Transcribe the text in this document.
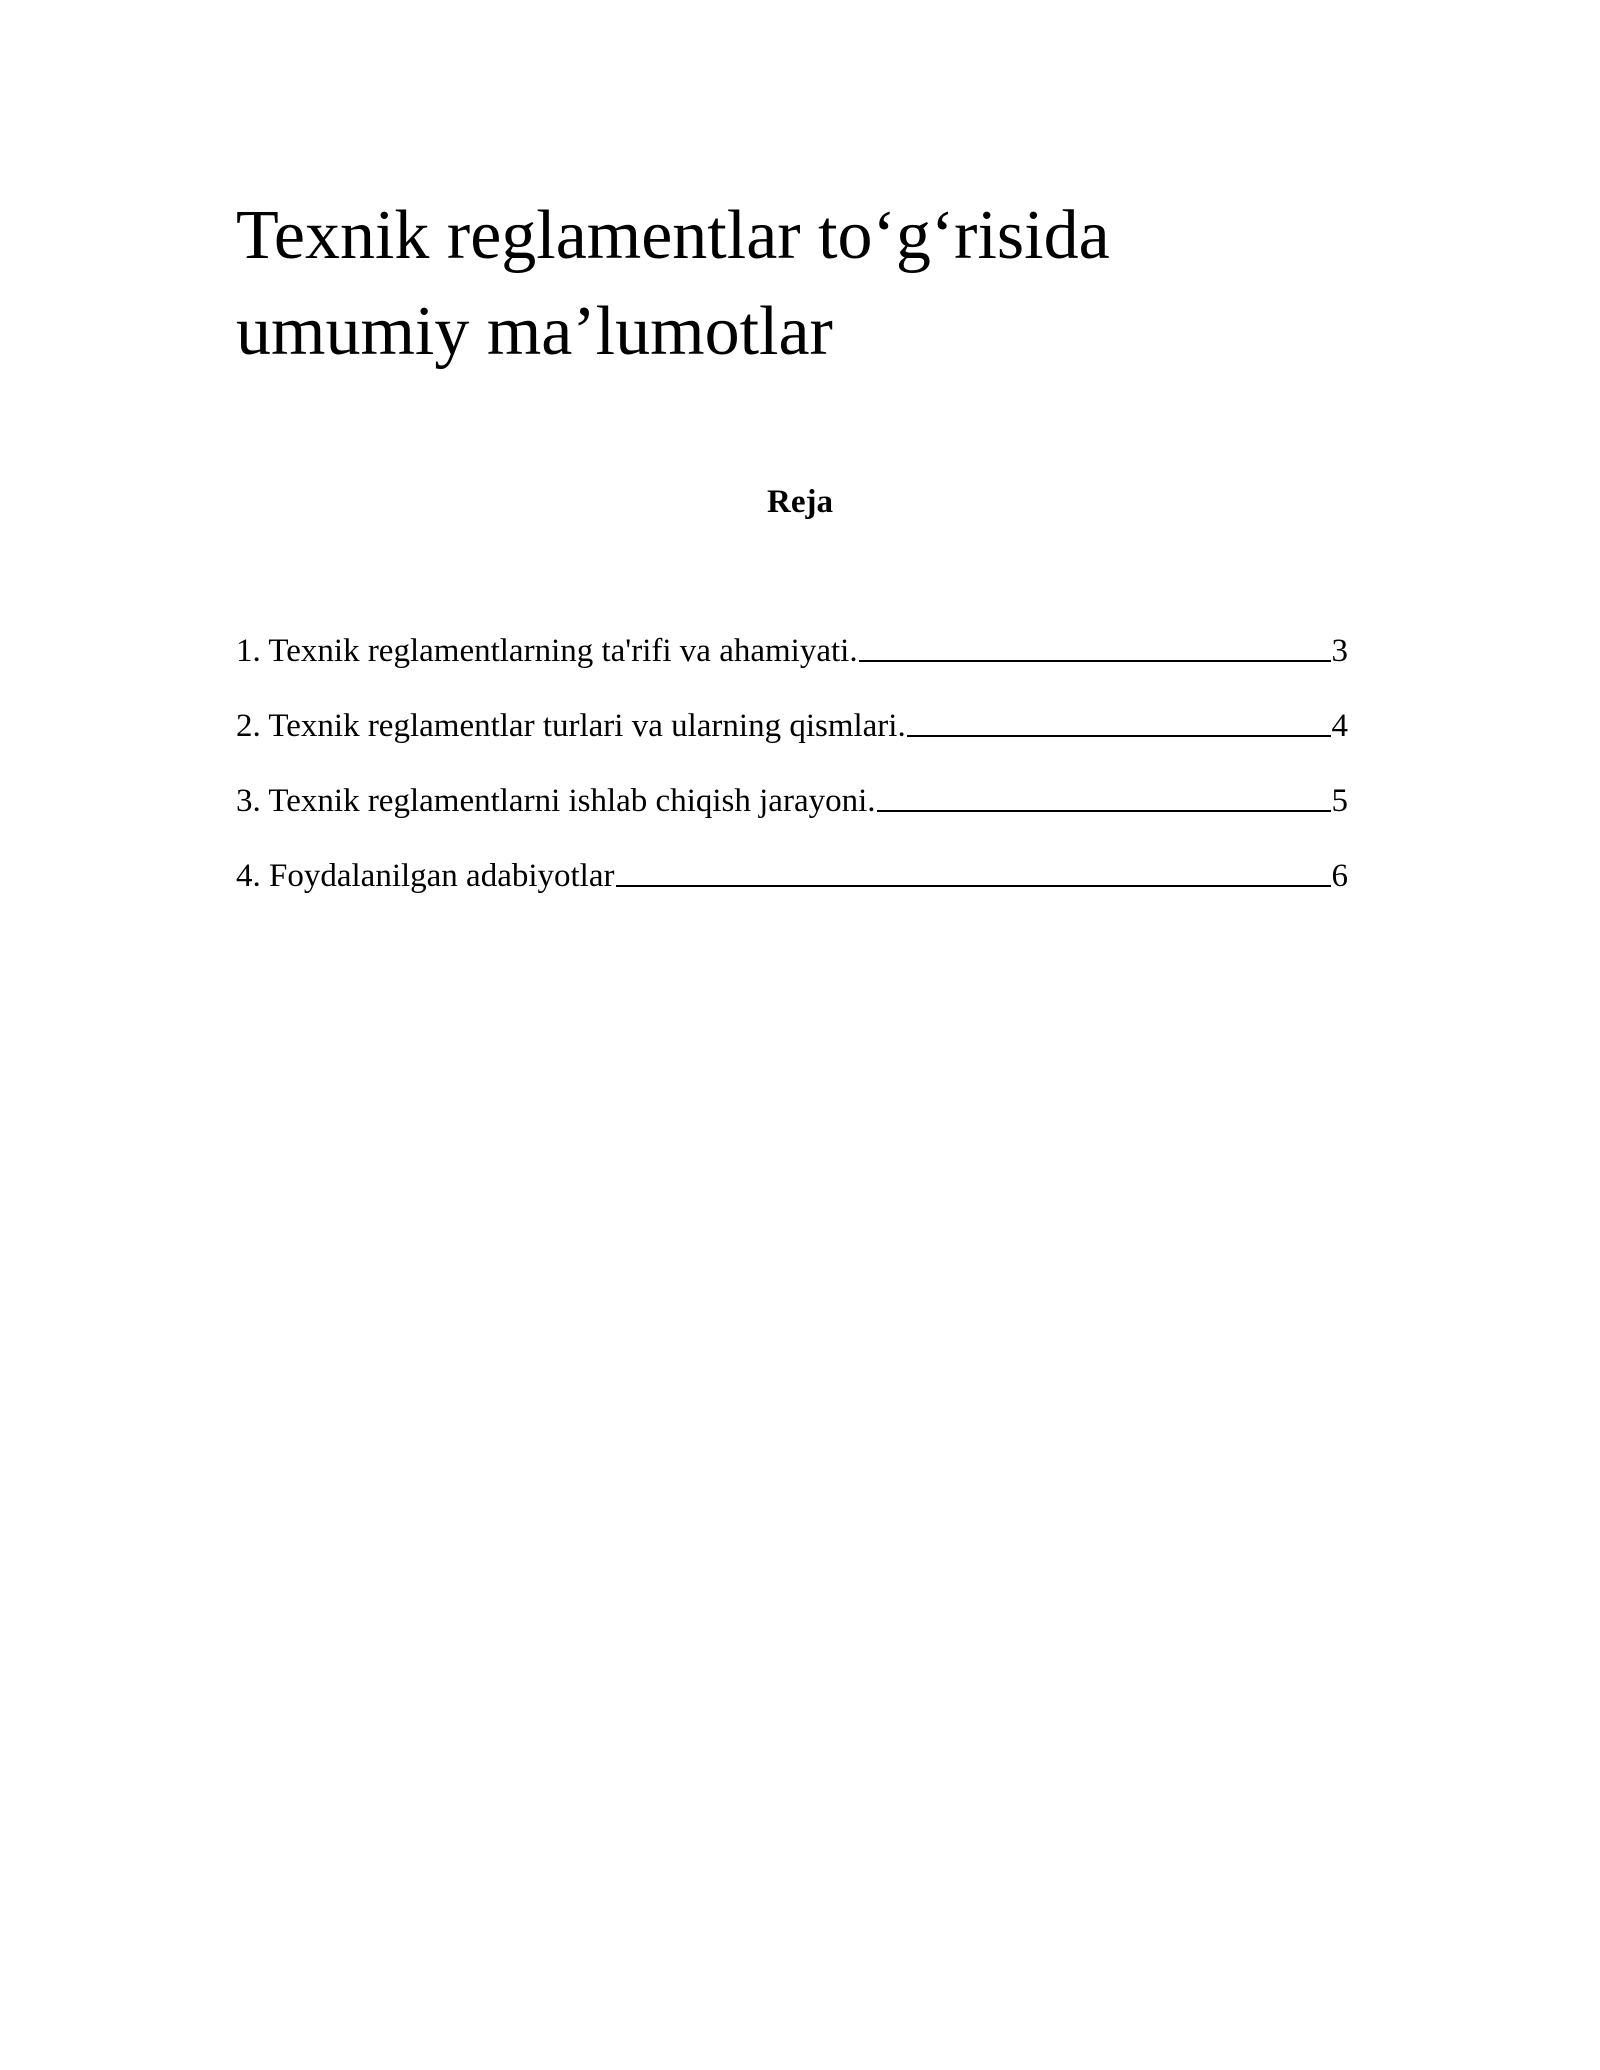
Texnik reglamentlar to‘g‘risida
umumiy ma’lumotlar
Reja
1. Texnik reglamentlarning ta'rifi va ahamiyati.	3
2. Texnik reglamentlar turlari va ularning qismlari.	4
3. Texnik reglamentlarni ishlab chiqish jarayoni.	5
4. Foydalanilgan adabiyotlar	6
